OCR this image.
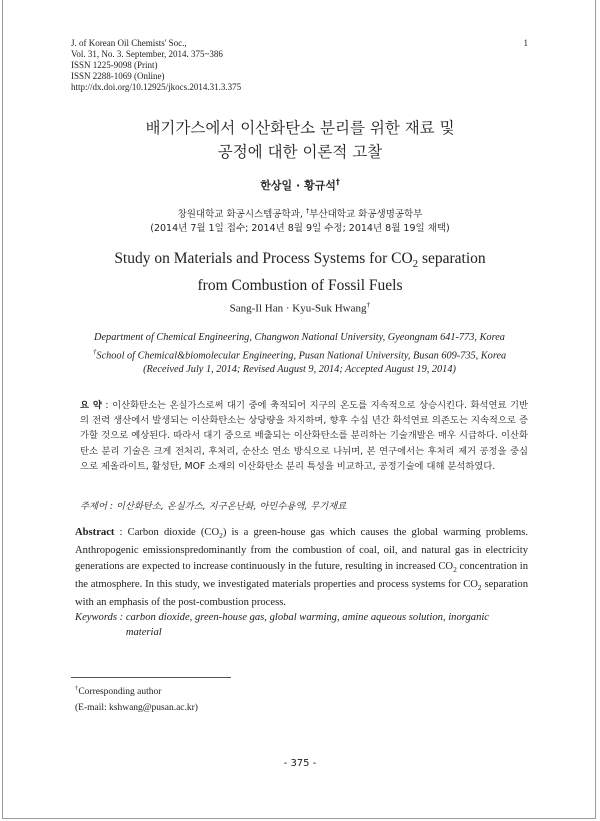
J. of Korean Oil Chemists' Soc.,
Vol. 31, No. 3. September, 2014. 375~386
ISSN 1225-9098 (Print)
ISSN 2288-1069 (Online)
http://dx.doi.org/10.12925/jkocs.2014.31.3.375
1
배기가스에서 이산화탄소 분리를 위한 재료 및
공정에 대한 이론적 고찰
한상일 · 황규석†
창원대학교 화공시스템공학과, †부산대학교 화공생명공학부
(2014년 7월 1일 접수; 2014년 8월 9일 수정; 2014년 8월 19일 채택)
Study on Materials and Process Systems for $CO_2$ separation
from Combustion of Fossil Fuels
Sang-Il Han · Kyu-Suk Hwang†
Department of Chemical Engineering, Changwon National University, Gyeongnam 641-773, Korea
†School of Chemical&biomolecular Engineering, Pusan National University, Busan 609-735, Korea
(Received July 1, 2014; Revised August 9, 2014; Accepted August 19, 2014)
요 약 : 이산화탄소는 온실가스로써 대기 중에 축적되어 지구의 온도를 지속적으로 상승시킨다. 화석연료 기반의 전력 생산에서 발생되는 이산화탄소는 상당량을 차지하며, 향후 수십 년간 화석연료 의존도는 지속적으로 증가할 것으로 예상된다. 따라서 대기 중으로 배출되는 이산화탄소를 분리하는 기술개발은 매우 시급하다. 이산화탄소 분리 기술은 크게 전처리, 후처리, 순산소 연소 방식으로 나뉘며, 본 연구에서는 후처리 제거 공정을 중심으로 제올라이트, 활성탄, MOF 소재의 이산화탄소 분리 특성을 비교하고, 공정기술에 대해 분석하였다.
주제어 : 이산화탄소, 온실가스, 지구온난화, 아민수용액, 무기재료
Abstract : Carbon dioxide $(CO_2)$ is a green-house gas which causes the global warming problems. Anthropogenic emissionspredominantly from the combustion of coal, oil, and natural gas in electricity generations are expected to increase continuously in the future, resulting in increased $CO_2$ concentration in the atmosphere. In this study, we investigated materials properties and process systems for $CO_2$ separation with an emphasis of the post-combustion process.
Keywords : carbon dioxide, green-house gas, global warming, amine aqueous solution, inorganic material
†Corresponding author
(E-mail: kshwang@pusan.ac.kr)
- 375 -
